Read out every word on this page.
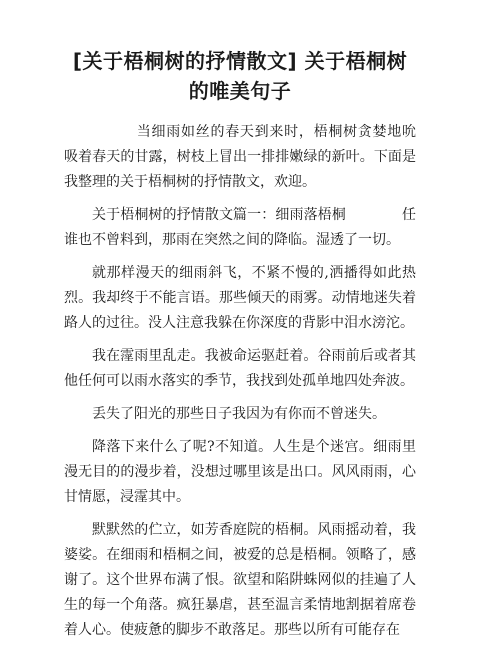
[关于梧桐树的抒情散文] 关于梧桐树的唯美句子

当细雨如丝的春天到来时，梧桐树贪婪地吮吸着春天的甘露，树枝上冒出一排排嫩绿的新叶。下面是我整理的关于梧桐树的抒情散文，欢迎。

关于梧桐树的抒情散文篇一：细雨落梧桐	任谁也不曾料到，那雨在突然之间的降临。湿透了一切。

就那样漫天的细雨斜飞，不紧不慢的,洒播得如此热烈。我却终于不能言语。那些倾天的雨雾。动情地迷失着路人的过往。没人注意我躲在你深度的背影中泪水滂沱。

我在霪雨里乱走。我被命运驱赶着。谷雨前后或者其他任何可以雨水落实的季节，我找到处孤单地四处奔波。

丢失了阳光的那些日子我因为有你而不曾迷失。

降落下来什么了呢?不知道。人生是个迷宫。细雨里漫无目的的漫步着，没想过哪里该是出口。风风雨雨，心甘情愿，浸霪其中。

默默然的伫立，如芳香庭院的梧桐。风雨摇动着，我婆娑。在细雨和梧桐之间，被爱的总是梧桐。领略了，感谢了。这个世界布满了恨。欲望和陷阱蛛网似的挂遍了人生的每一个角落。疯狂暴虐，甚至温言柔情地割据着席卷着人心。使疲惫的脚步不敢落足。那些以所有可能存在
